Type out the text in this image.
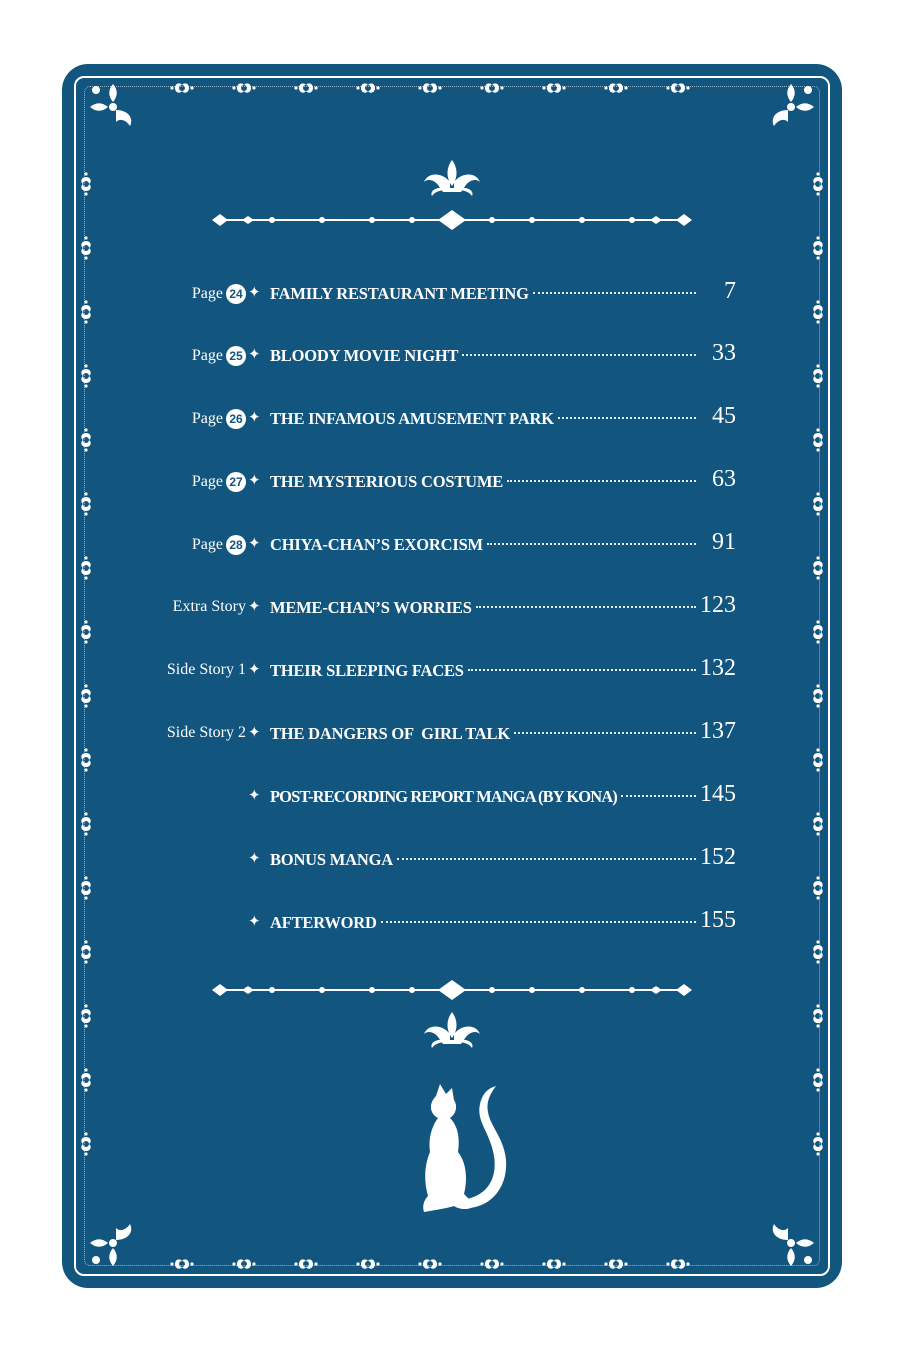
Page 24 ✦ FAMILY RESTAURANT MEETING	7
Page 25 ✦ BLOODY MOVIE NIGHT	33
Page 26 ✦ THE INFAMOUS AMUSEMENT PARK	45
Page 27 ✦ THE MYSTERIOUS COSTUME	63
Page 28 ✦ CHIYA-CHAN’S EXORCISM	91
Extra Story ✦ MEME-CHAN’S WORRIES	123
Side Story 1 ✦ THEIR SLEEPING FACES	132
Side Story 2 ✦ THE DANGERS OF  GIRL TALK	137
✦ POST-RECORDING REPORT MANGA (BY KONA)	145
✦ BONUS MANGA	152
✦ AFTERWORD	155
